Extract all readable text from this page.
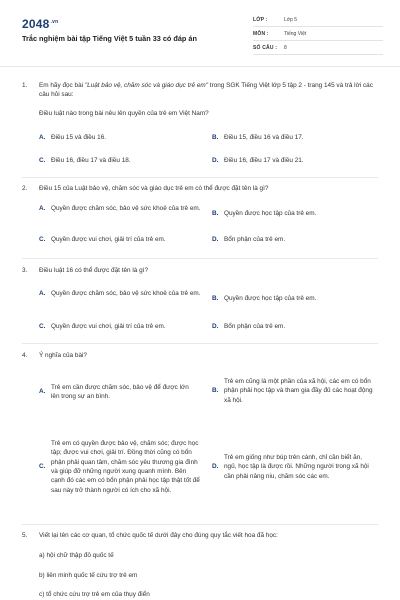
$2048^{.vn}$
Trắc nghiệm bài tập Tiếng Việt 5 tuần 33 có đáp án
LỚP :	Lớp 5
MÔN :	Tiếng Việt
SỐ CÂU :	8
1.	Em hãy đọc bài "Luật bảo vệ, chăm sóc và giáo dục trẻ em" trong SGK Tiếng Việt lớp 5 tập 2 - trang 145 và trả lời các câu hỏi sau:
Điều luật nào trong bài nêu lên quyền của trẻ em Việt Nam?
A. Điều 15 và điều 16.	B. Điều 15, điều 16 và điều 17.
C. Điều 16, điều 17 và điều 18.	D. Điều 16, điều 17 và điều 21.
2.	Điều 15 của Luật bảo vệ, chăm sóc và giáo dục trẻ em có thể được đặt tên là gì?
A. Quyền được chăm sóc, bảo vệ sức khoẻ của trẻ em.
B. Quyền được học tập của trẻ em.
C. Quyền được vui chơi, giải trí của trẻ em.	D. Bổn phận của trẻ em.
3.	Điều luật 16 có thể được đặt tên là gì?
A. Quyền được chăm sóc, bảo vệ sức khoẻ của trẻ em.
B. Quyền được học tập của trẻ em.
C. Quyền được vui chơi, giải trí của trẻ em.	D. Bổn phận của trẻ em.
4.	Ý nghĩa của bài?
A.
Trẻ em cần được chăm sóc, bảo vệ để được lớn lên trong sự an bình.
B.
Trẻ em cũng là một phần của xã hội, các em có bổn phận phải học tập và tham gia đầy đủ các hoạt động xã hội.
C.
Trẻ em có quyền được bảo vệ, chăm sóc; được học tập; được vui chơi, giải trí. Đồng thời cũng có bổn phận phải quan tâm, chăm sóc yêu thương gia đình và giúp đỡ những người xung quanh mình. Bên cạnh đó các em có bổn phận phải học tập thật tốt để sau này trở thành người có ích cho xã hội.
D.
Trẻ em giống như búp trên cành, chỉ cần biết ăn, ngủ, học tập là được rồi. Những người trong xã hội cần phải nâng niu, chăm sóc các em.
5.	Viết lại tên các cơ quan, tổ chức quốc tế dưới đây cho đúng quy tắc viết hoa đã học:
a) hội chữ thập đỏ quốc tế
b) liên minh quốc tế cứu trợ trẻ em
c) tổ chức cứu trợ trẻ em của thụy điển
